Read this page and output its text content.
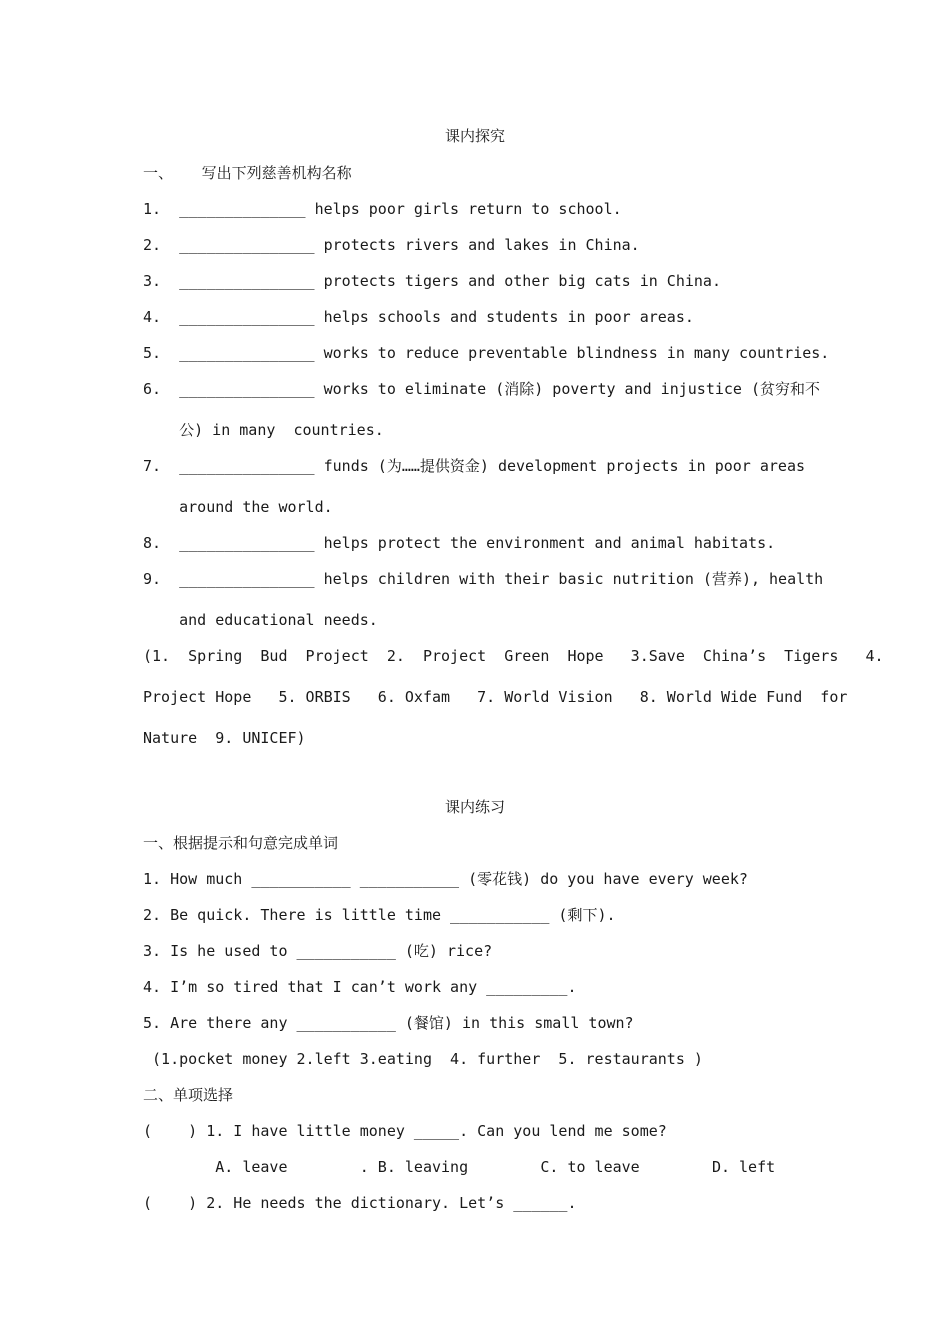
课内探究
一、      写出下列慈善机构名称
1.  ______________ helps poor girls return to school.
2.  _______________ protects rivers and lakes in China.
3.  _______________ protects tigers and other big cats in China.
4.  _______________ helps schools and students in poor areas.
5.  _______________ works to reduce preventable blindness in many countries.
6.  _______________ works to eliminate (消除) poverty and injustice (贫穷和不
公) in many  countries.
7.  _______________ funds (为……提供资金) development projects in poor areas
around the world.
8.  _______________ helps protect the environment and animal habitats.
9.  _______________ helps children with their basic nutrition (营养), health
and educational needs.
(1.  Spring  Bud  Project  2.  Project  Green  Hope   3.Save  China’s  Tigers   4.
Project Hope   5. ORBIS   6. Oxfam   7. World Vision   8. World Wide Fund  for
Nature  9. UNICEF)
课内练习
一、根据提示和句意完成单词
1. How much ___________ ___________ (零花钱) do you have every week?
2. Be quick. There is little time ___________ (剩下).
3. Is he used to ___________ (吃) rice?
4. I’m so tired that I can’t work any _________.
5. Are there any ___________ (餐馆) in this small town?
(1.pocket money 2.left 3.eating  4. further  5. restaurants )
二、单项选择
(    ) 1. I have little money _____. Can you lend me some?
A. leave        . B. leaving        C. to leave        D. left
(    ) 2. He needs the dictionary. Let’s ______.
